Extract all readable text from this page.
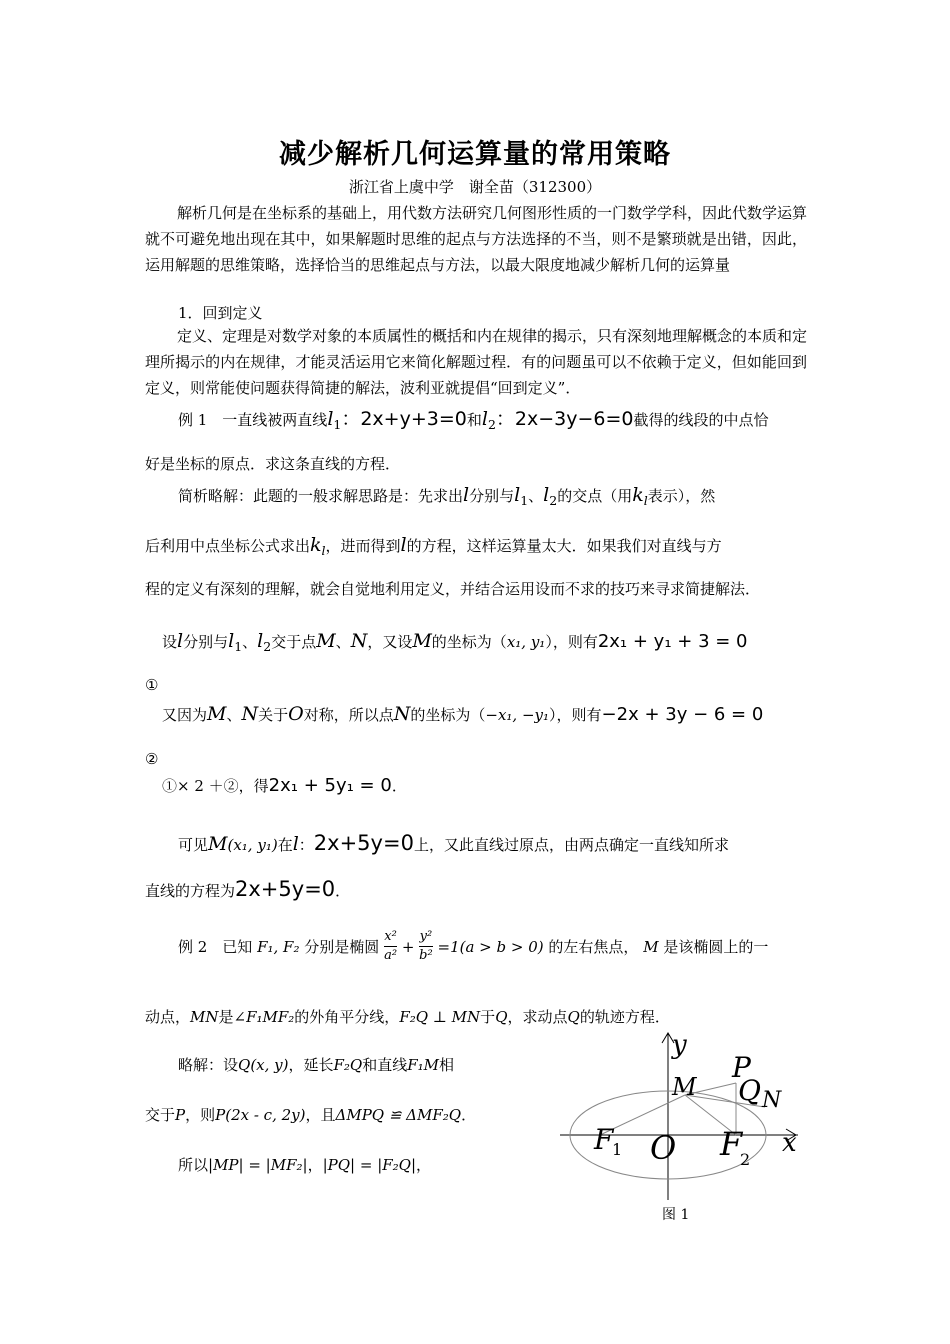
减少解析几何运算量的常用策略
浙江省上虞中学　谢全苗（312300）
解析几何是在坐标系的基础上，用代数方法研究几何图形性质的一门数学学科，因此代数学运算就不可避免地出现在其中，如果解题时思维的起点与方法选择的不当，则不是繁琐就是出错，因此，运用解题的思维策略，选择恰当的思维起点与方法，以最大限度地减少解析几何的运算量
1．回到定义
定义、定理是对数学对象的本质属性的概括和内在规律的揭示，只有深刻地理解概念的本质和定理所揭示的内在规律，才能灵活运用它来简化解题过程．有的问题虽可以不依赖于定义，但如能回到定义，则常能使问题获得简捷的解法，波利亚就提倡“回到定义”．
例 1　一直线被两直线$l_1$：2x+y+3=0和$l_2$：2x−3y−6=0截得的线段的中点恰
好是坐标的原点．求这条直线的方程．
简析略解：此题的一般求解思路是：先求出l分别与$l_1$、$l_2$的交点（用$k_l$表示），然
后利用中点坐标公式求出$k_l$，进而得到l的方程，这样运算量太大．如果我们对直线与方
程的定义有深刻的理解，就会自觉地利用定义，并结合运用设而不求的技巧来寻求简捷解法．
设l分别与$l_1$、$l_2$交于点M、N，又设M的坐标为（x₁, y₁），则有2x₁ + y₁ + 3 = 0
①
又因为M、N关于O对称，所以点N的坐标为（−x₁, −y₁），则有−2x + 3y − 6 = 0
②
①× 2 ＋②，得2x₁ + 5y₁ = 0．
可见M(x₁, y₁)在l：2x+5y=0上，又此直线过原点，由两点确定一直线知所求
直线的方程为2x+5y=0．
例 2　已知 F₁, F₂ 分别是椭圆 $\frac{\text{x²}}{\text{a²}} + \frac{\text{y²}}{\text{b²}} =1(a > b > 0)$ 的左右焦点， M 是该椭圆上的一
动点，MN是∠F₁MF₂的外角平分线，F₂Q ⊥ MN于Q，求动点Q的轨迹方程．
略解：设Q(x, y)，延长F₂Q和直线F₁M相
交于P，则P(2x - c, 2y)，且ΔMPQ ≌ ΔMF₂Q．
所以|MP| = |MF₂|，|PQ| = |F₂Q|，
y
x
P
Q N
M
F
1 O F
2
图 1
